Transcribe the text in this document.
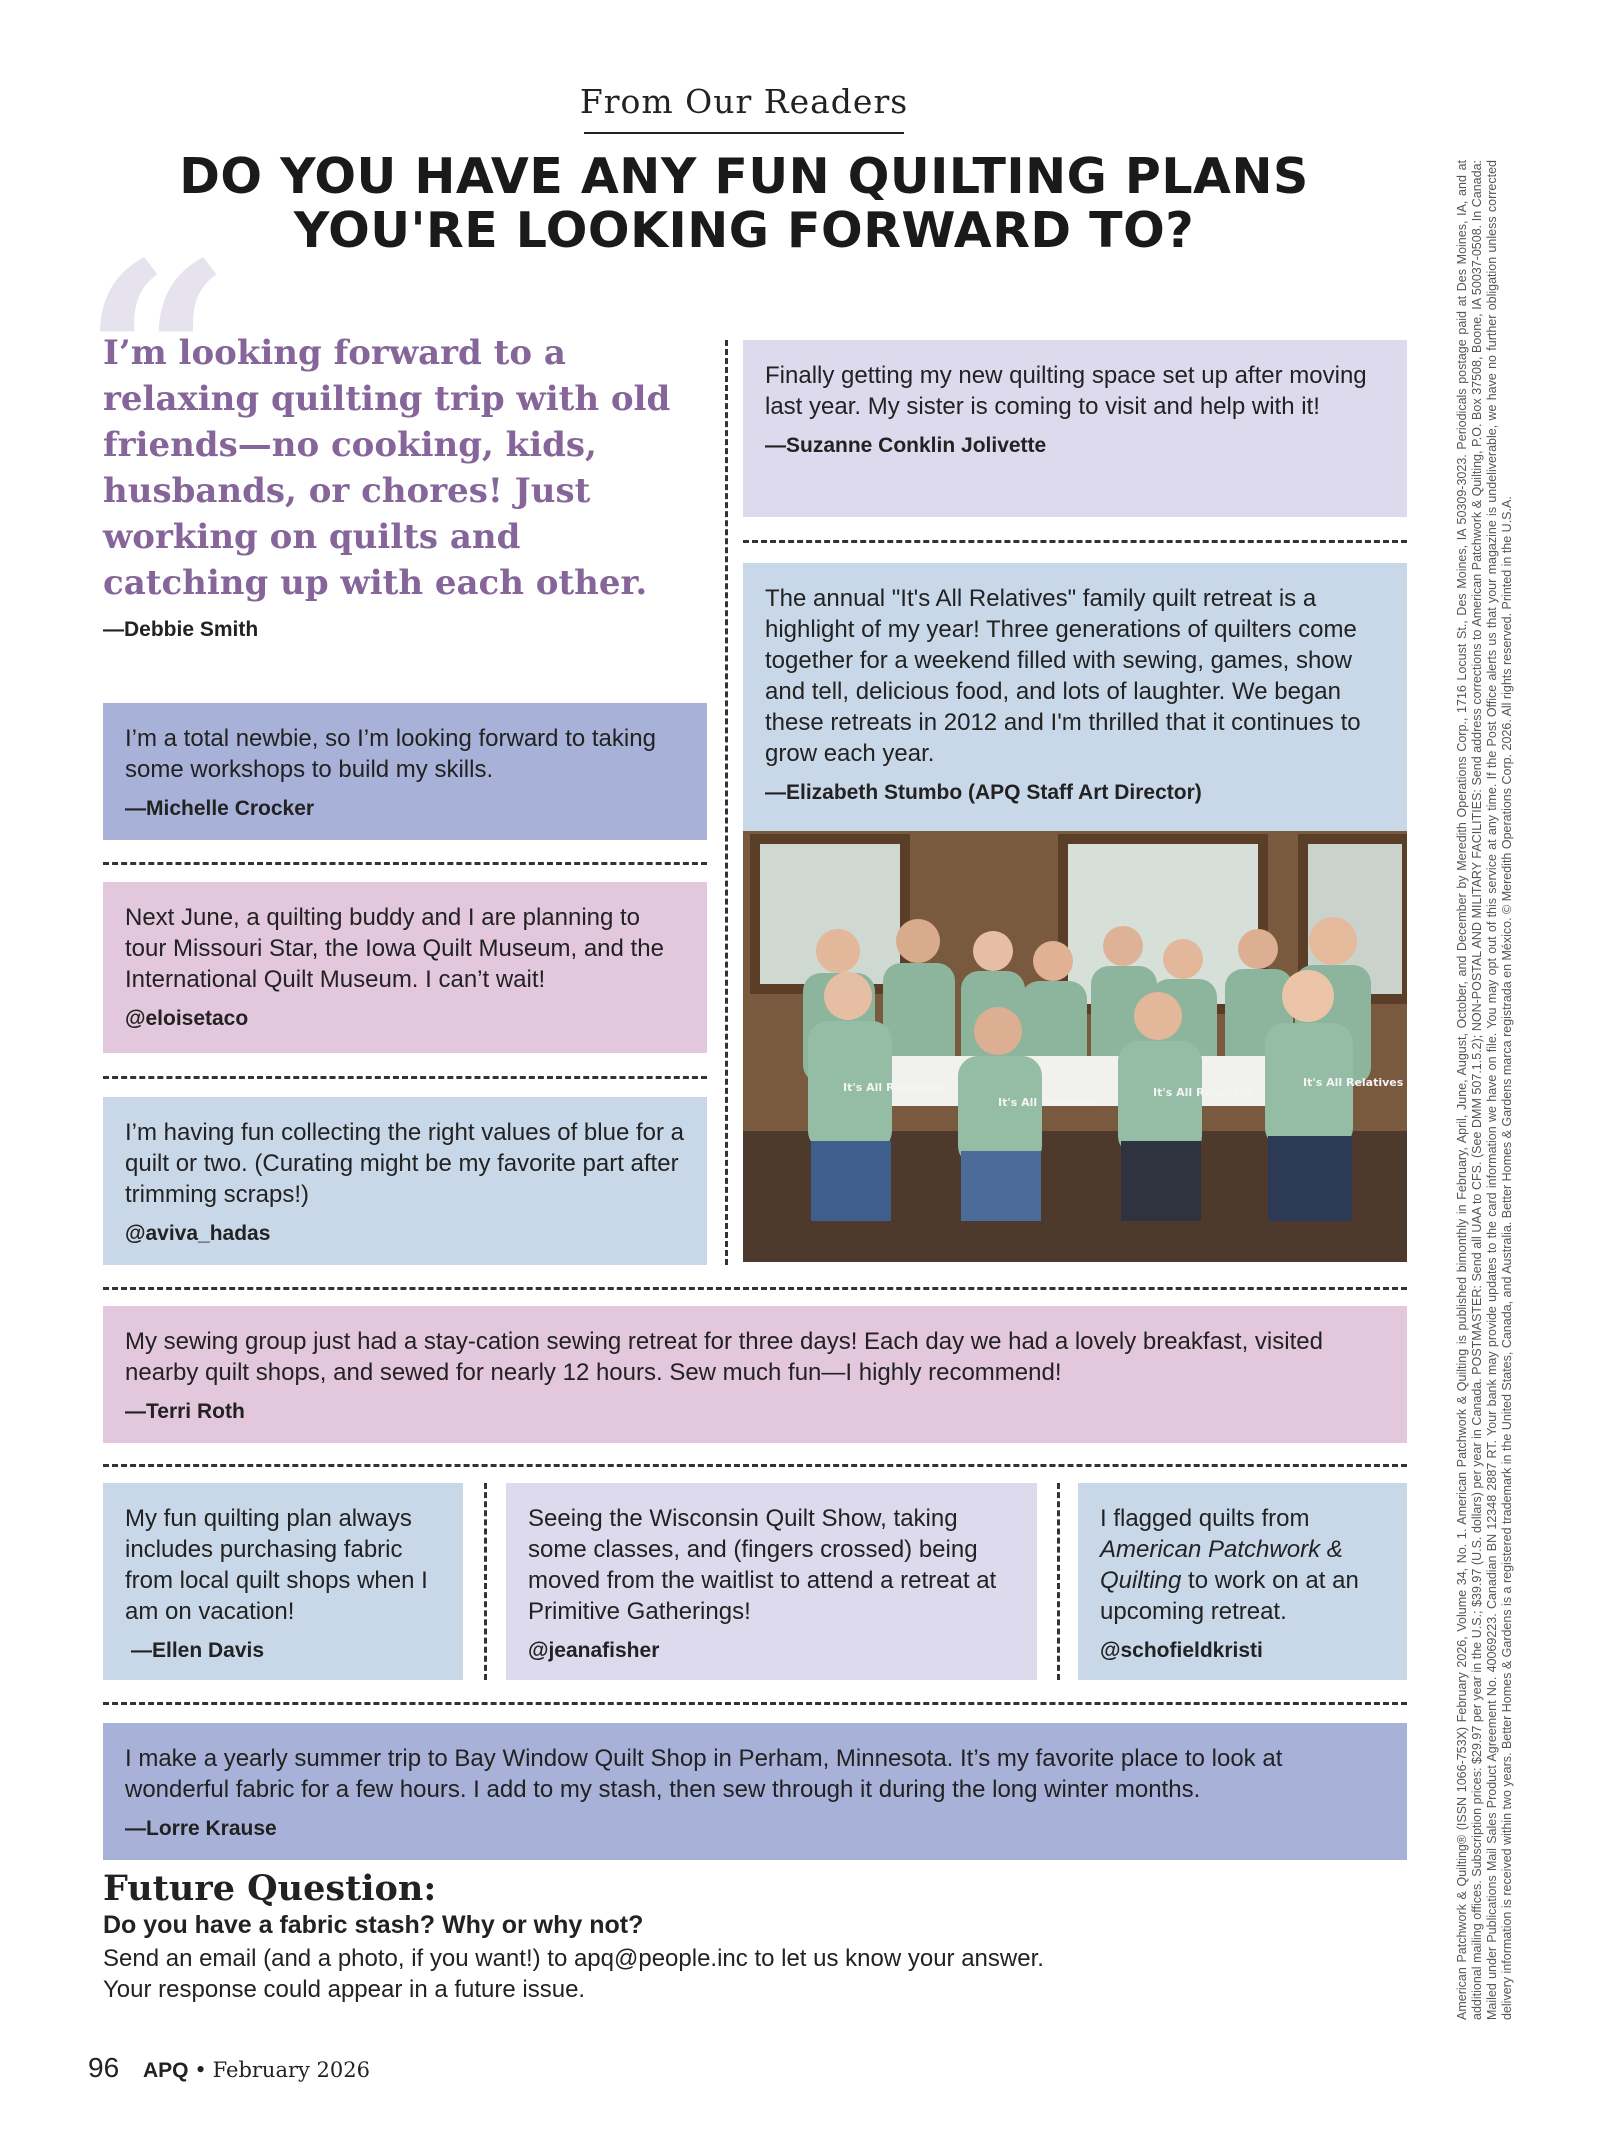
From Our Readers
DO YOU HAVE ANY FUN QUILTING PLANS
YOU'RE LOOKING FORWARD TO?
“
I’m looking forward to a relaxing quilting trip with old friends—no cooking, kids, husbands, or chores! Just working on quilts and catching up with each other.
—Debbie Smith
Finally getting my new quilting space set up after moving last year. My sister is coming to visit and help with it!
—Suzanne Conklin Jolivette
The annual "It's All Relatives" family quilt retreat is a highlight of my year! Three generations of quilters come together for a weekend filled with sewing, games, show and tell, delicious food, and lots of laughter. We began these retreats in 2012 and I'm thrilled that it continues to grow each year.
—Elizabeth Stumbo (APQ Staff Art Director)
It's All Relatives
It's All Relatives
It's All Relatives
It's All Relatives
I’m a total newbie, so I’m looking forward to taking some workshops to build my skills.
—Michelle Crocker
Next June, a quilting buddy and I are planning to tour Missouri Star, the Iowa Quilt Museum, and the International Quilt Museum. I can’t wait!
@eloisetaco
I’m having fun collecting the right values of blue for a quilt or two. (Curating might be my favorite part after trimming scraps!)
@aviva_hadas
My sewing group just had a stay-cation sewing retreat for three days! Each day we had a lovely breakfast, visited nearby quilt shops, and sewed for nearly 12 hours. Sew much fun—I highly recommend!
—Terri Roth
My fun quilting plan always includes purchasing fabric from local quilt shops when I am on vacation!
—Ellen Davis
Seeing the Wisconsin Quilt Show, taking some classes, and (fingers crossed) being moved from the waitlist to attend a retreat at Primitive Gatherings!
@jeanafisher
I flagged quilts from American Patchwork & Quilting to work on at an upcoming retreat.
@schofieldkristi
I make a yearly summer trip to Bay Window Quilt Shop in Perham, Minnesota. It’s my favorite place to look at wonderful fabric for a few hours. I add to my stash, then sew through it during the long winter months.
—Lorre Krause
Future Question:
Do you have a fabric stash? Why or why not?
Send an email (and a photo, if you want!) to apq@people.inc to let us know your answer.
Your response could appear in a future issue.
96 APQ • February 2026
American Patchwork & Quilting® (ISSN 1066-753X) February 2026, Volume 34, No. 1. American Patchwork & Quilting is published bimonthly in February, April, June, August, October, and December by Meredith Operations Corp., 1716 Locust St., Des Moines, IA 50309-3023. Periodicals postage paid at Des Moines, IA, and at additional mailing offices. Subscription prices: $29.97 per year in the U.S.; $39.97 (U.S. dollars) per year in Canada. POSTMASTER: Send all UAA to CFS. (See DMM 507.1.5.2); NON-POSTAL AND MILITARY FACILITIES: Send address corrections to American Patchwork & Quilting, P.O. Box 37508, Boone, IA 50037-0508. In Canada: Mailed under Publications Mail Sales Product Agreement No. 40069223. Canadian BN 12348 2887 RT. Your bank may provide updates to the card information we have on file. You may opt out of this service at any time. If the Post Office alerts us that your magazine is undeliverable, we have no further obligation unless corrected delivery information is received within two years. Better Homes & Gardens is a registered trademark in the United States, Canada, and Australia. Better Homes & Gardens marca registrada en México. © Meredith Operations Corp. 2026. All rights reserved. Printed in the U.S.A.
